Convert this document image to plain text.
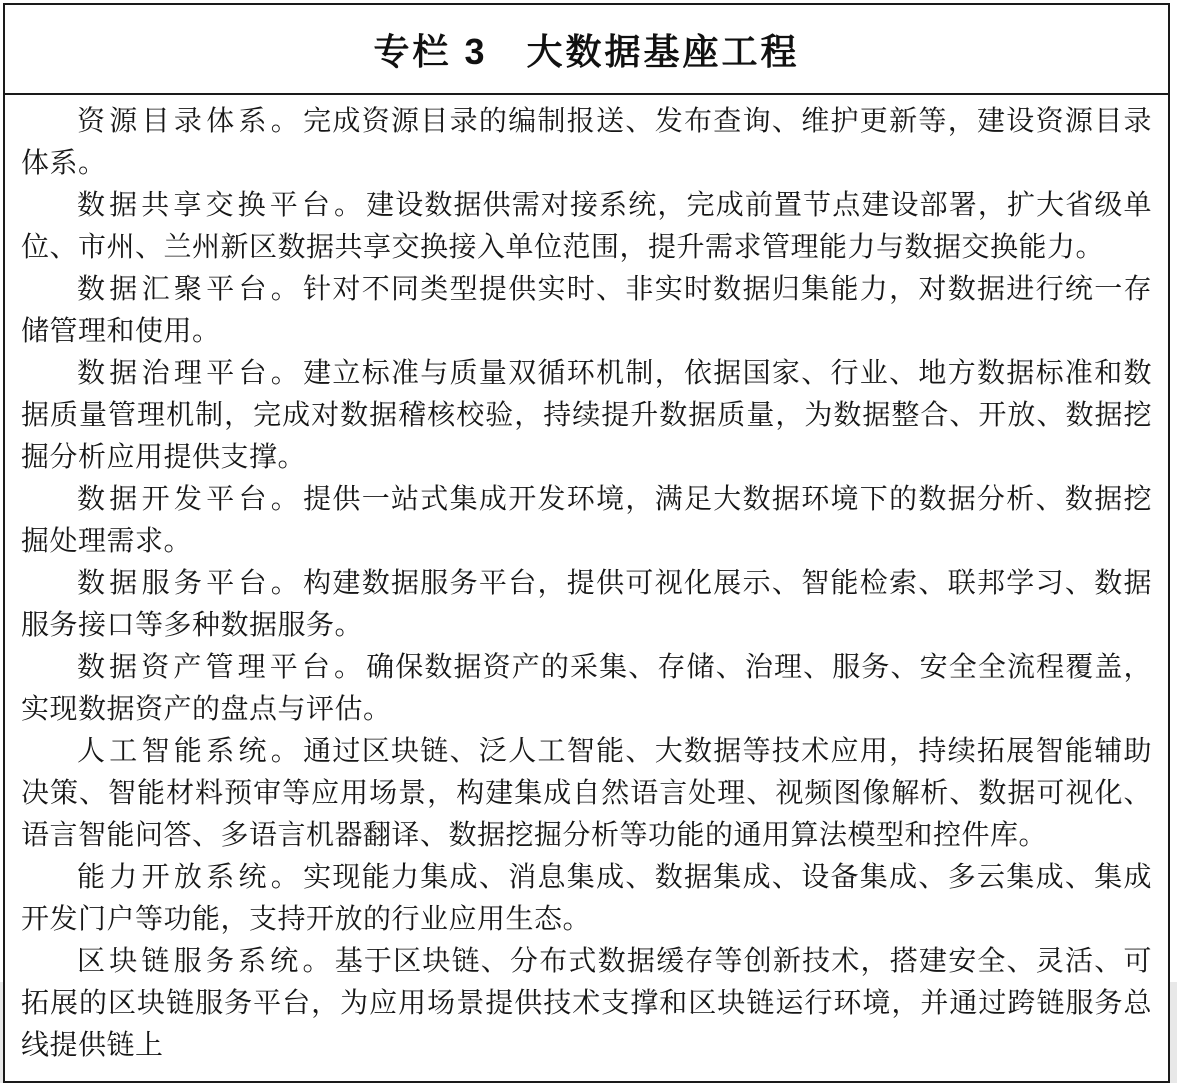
专栏 3　大数据基座工程

资源目录体系。完成资源目录的编制报送、发布查询、维护更新等，建设资源目录体系。

数据共享交换平台。建设数据供需对接系统，完成前置节点建设部署，扩大省级单位、市州、兰州新区数据共享交换接入单位范围，提升需求管理能力与数据交换能力。

数据汇聚平台。针对不同类型提供实时、非实时数据归集能力，对数据进行统一存储管理和使用。

数据治理平台。建立标准与质量双循环机制，依据国家、行业、地方数据标准和数据质量管理机制，完成对数据稽核校验，持续提升数据质量，为数据整合、开放、数据挖掘分析应用提供支撑。

数据开发平台。提供一站式集成开发环境，满足大数据环境下的数据分析、数据挖掘处理需求。

数据服务平台。构建数据服务平台，提供可视化展示、智能检索、联邦学习、数据服务接口等多种数据服务。

数据资产管理平台。确保数据资产的采集、存储、治理、服务、安全全流程覆盖，实现数据资产的盘点与评估。

人工智能系统。通过区块链、泛人工智能、大数据等技术应用，持续拓展智能辅助决策、智能材料预审等应用场景，构建集成自然语言处理、视频图像解析、数据可视化、语言智能问答、多语言机器翻译、数据挖掘分析等功能的通用算法模型和控件库。

能力开放系统。实现能力集成、消息集成、数据集成、设备集成、多云集成、集成开发门户等功能，支持开放的行业应用生态。

区块链服务系统。基于区块链、分布式数据缓存等创新技术，搭建安全、灵活、可拓展的区块链服务平台，为应用场景提供技术支撑和区块链运行环境，并通过跨链服务总线提供链上
